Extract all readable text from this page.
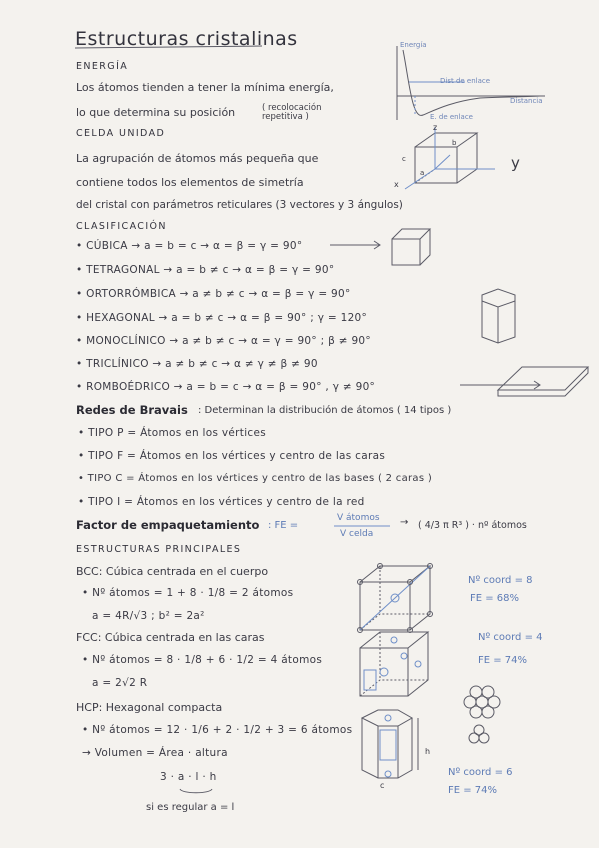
Estructuras cristalinas
ENERGÍA
Los átomos tienden a tener la mínima energía,
lo que determina su posición	( recolocación repetitiva )
Energía
Dist de enlace
Distancia
E. de enlace
CELDA UNIDAD
La agrupación de átomos más pequeña que
contiene todos los elementos de simetría
del cristal con parámetros reticulares (3 vectores y 3 ángulos)
z
y
x
c
b
a
CLASIFICACIÓN
• CÚBICA → a = b = c → α = β = γ = 90°
• TETRAGONAL → a = b ≠ c → α = β = γ = 90°
• ORTORRÓMBICA → a ≠ b ≠ c → α = β = γ = 90°
• HEXAGONAL → a = b ≠ c → α = β = 90° ; γ = 120°
• MONOCLÍNICO → a ≠ b ≠ c → α = γ = 90° ; β ≠ 90°
• TRICLÍNICO → a ≠ b ≠ c → α ≠ γ ≠ β ≠ 90
• ROMBOÉDRICO → a = b = c → α = β = 90° , γ ≠ 90°
Redes de Bravais : Determinan la distribución de átomos ( 14 tipos )
• TIPO P = Átomos en los vértices
• TIPO F = Átomos en los vértices y centro de las caras
• TIPO C = Átomos en los vértices y centro de las bases ( 2 caras )
• TIPO I = Átomos en los vértices y centro de la red
Factor de empaquetamiento : FE =
V átomos
V celda
→ ( 4/3 π R³ ) · nº átomos
ESTRUCTURAS PRINCIPALES
BCC: Cúbica centrada en el cuerpo
• Nº átomos = 1 + 8 · 1/8 = 2 átomos
a = 4R/√3 ; b² = 2a²
Nº coord = 8
FE = 68%
FCC: Cúbica centrada en las caras
• Nº átomos = 8 · 1/8 + 6 · 1/2 = 4 átomos
a = 2√2 R
Nº coord = 4
FE = 74%
HCP: Hexagonal compacta
• Nº átomos = 12 · 1/6 + 2 · 1/2 + 3 = 6 átomos
→ Volumen = Área · altura
3 · a · l · h
si es regular a = l
Nº coord = 6
FE = 74%
h
c
